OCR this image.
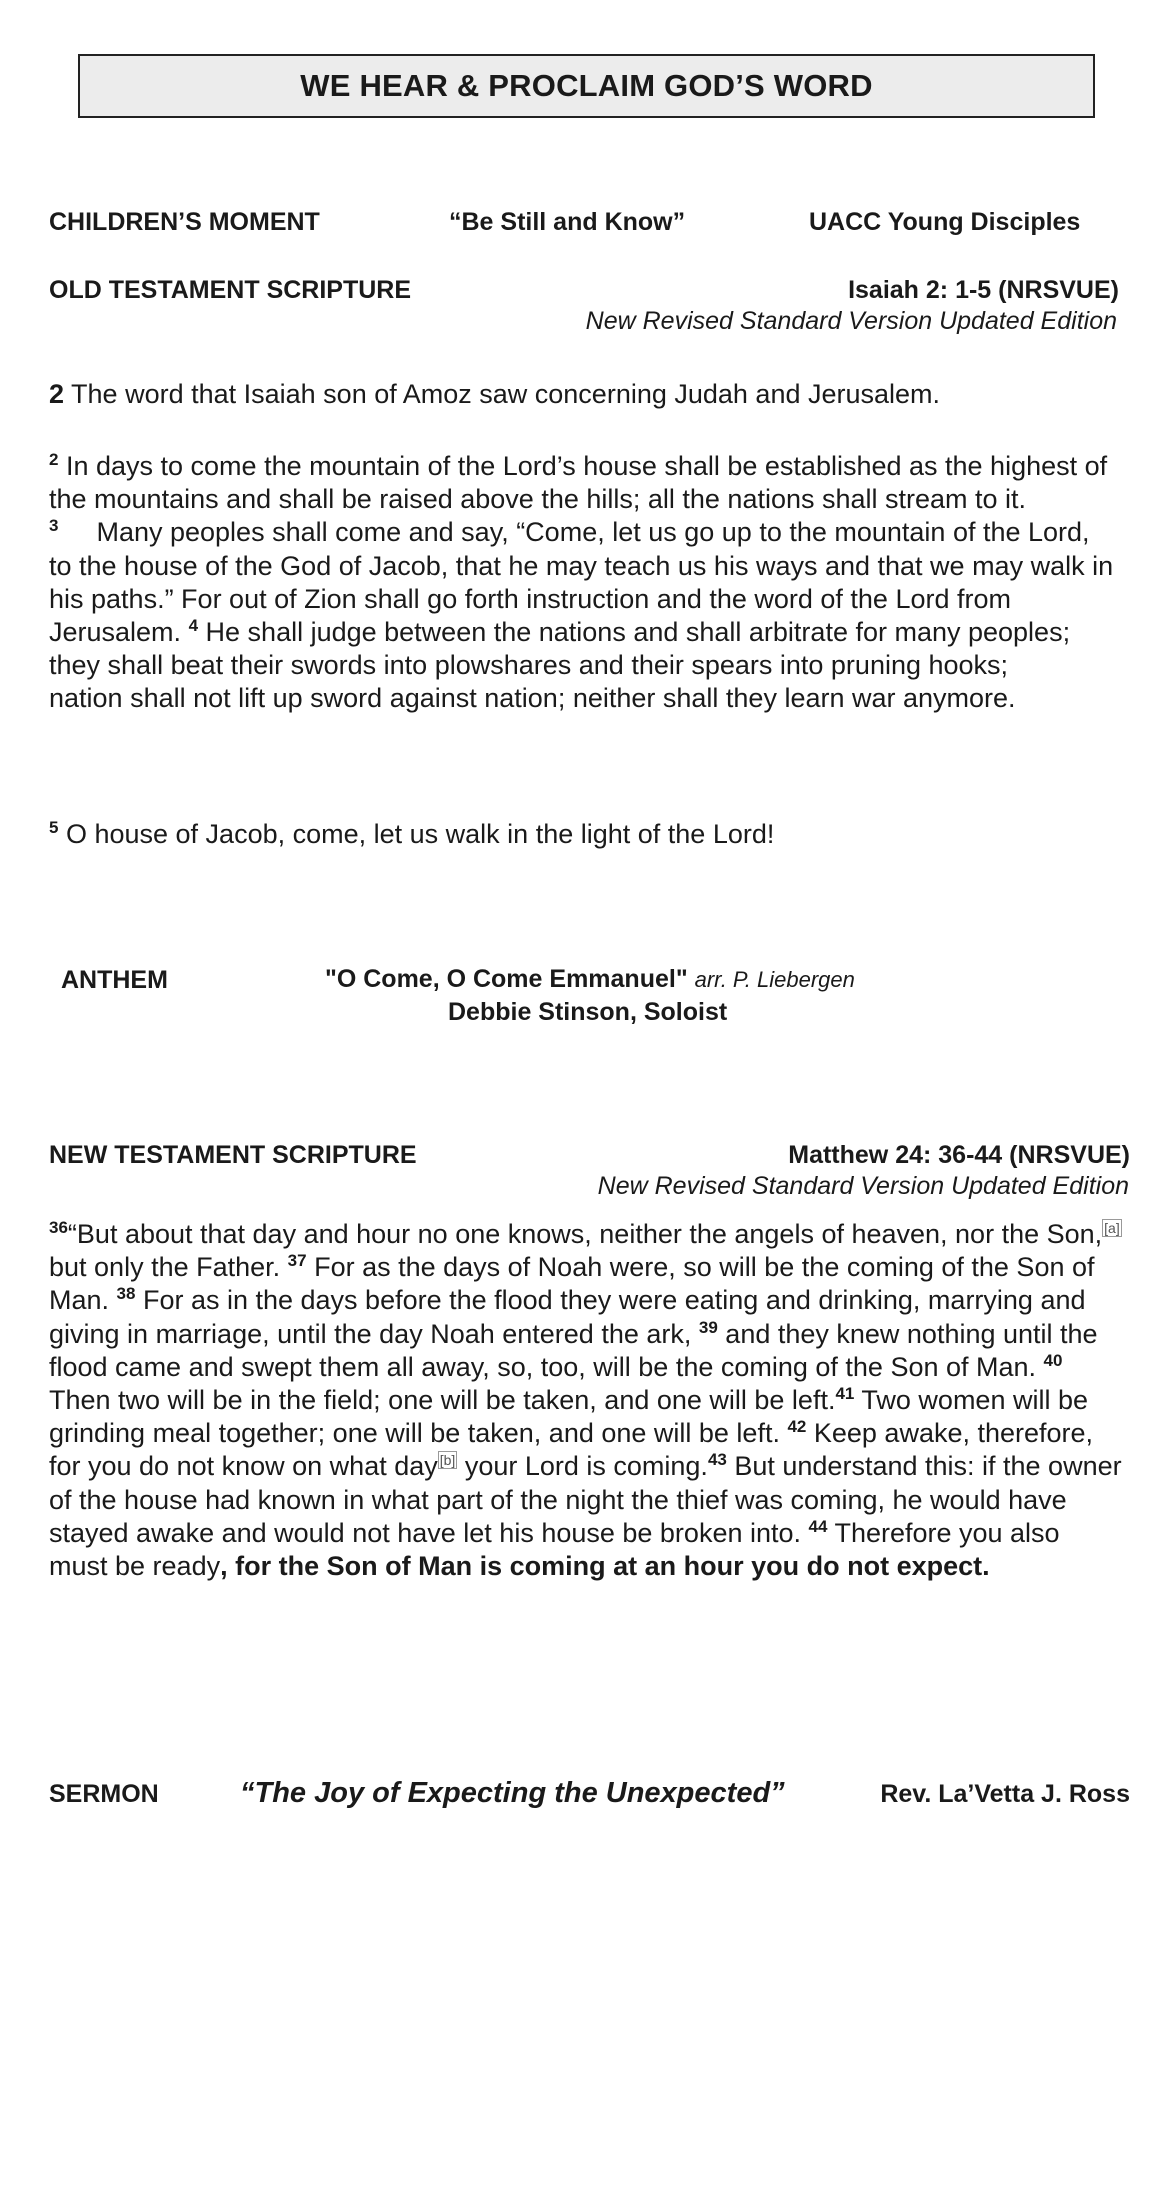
WE HEAR & PROCLAIM GOD’S WORD
CHILDREN’S MOMENT	“Be Still and Know”	UACC Young Disciples
OLD TESTAMENT SCRIPTURE	Isaiah 2: 1-5 (NRSVUE)
New Revised Standard Version Updated Edition

2 The word that Isaiah son of Amoz saw concerning Judah and Jerusalem.

$^2$ In days to come the mountain of the Lord’s house shall be established as the highest of the mountains and shall be raised above the hills; all the nations shall stream to it.

$^3$ Many peoples shall come and say, “Come, let us go up to the mountain of the Lord, to the house of the God of Jacob, that he may teach us his ways and that we may walk in his paths.” For out of Zion shall go forth instruction and the word of the Lord from Jerusalem. $^4$ He shall judge between the nations and shall arbitrate for many peoples;

they shall beat their swords into plowshares and their spears into pruning hooks;

nation shall not lift up sword against nation; neither shall they learn war anymore.

$^5$ O house of Jacob, come, let us walk in the light of the Lord!

ANTHEM	"O Come, O Come Emmanuel" arr. P. Liebergen
Debbie Stinson, Soloist
NEW TESTAMENT SCRIPTURE	Matthew 24: 36-44 (NRSVUE)
New Revised Standard Version Updated Edition

$^{36}$“But about that day and hour no one knows, neither the angels of heaven, nor the Son, [a] but only the Father. $^{37}$ For as the days of Noah were, so will be the coming of the Son of Man. $^{38}$ For as in the days before the flood they were eating and drinking, marrying and giving in marriage, until the day Noah entered the ark, $^{39}$ and they knew nothing until the flood came and swept them all away, so, too, will be the coming of the Son of Man. $^{40}$ Then two will be in the field; one will be taken, and one will be left.$^{41}$ Two women will be grinding meal together; one will be taken, and one will be left. $^{42}$ Keep awake, therefore, for you do not know on what day [b] your Lord is coming.$^{43}$ But understand this: if the owner of the house had known in what part of the night the thief was coming, he would have stayed awake and would not have let his house be broken into. $^{44}$ Therefore you also must be ready, for the Son of Man is coming at an hour you do not expect.

SERMON	“The Joy of Expecting the Unexpected”	Rev. La’Vetta J. Ross
